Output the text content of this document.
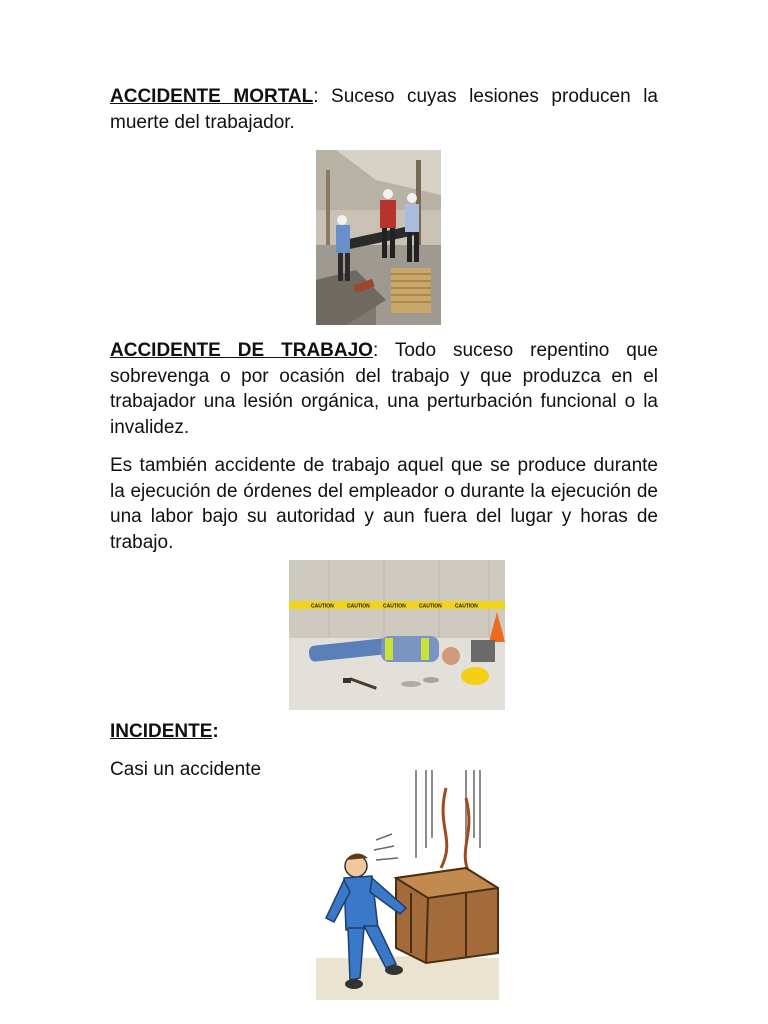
ACCIDENTE MORTAL: Suceso cuyas lesiones producen la muerte del trabajador.

ACCIDENTE DE TRABAJO: Todo suceso repentino que sobrevenga o por ocasión del trabajo y que produzca en el trabajador una lesión orgánica, una perturbación funcional o la invalidez.

Es también accidente de trabajo aquel que se produce durante la ejecución de órdenes del empleador o durante la ejecución de una labor bajo su autoridad y aun fuera del lugar y horas de trabajo.

CAUTION	CAUTION	CAUTION	CAUTION	CAUTION

INCIDENTE:

Casi un accidente
